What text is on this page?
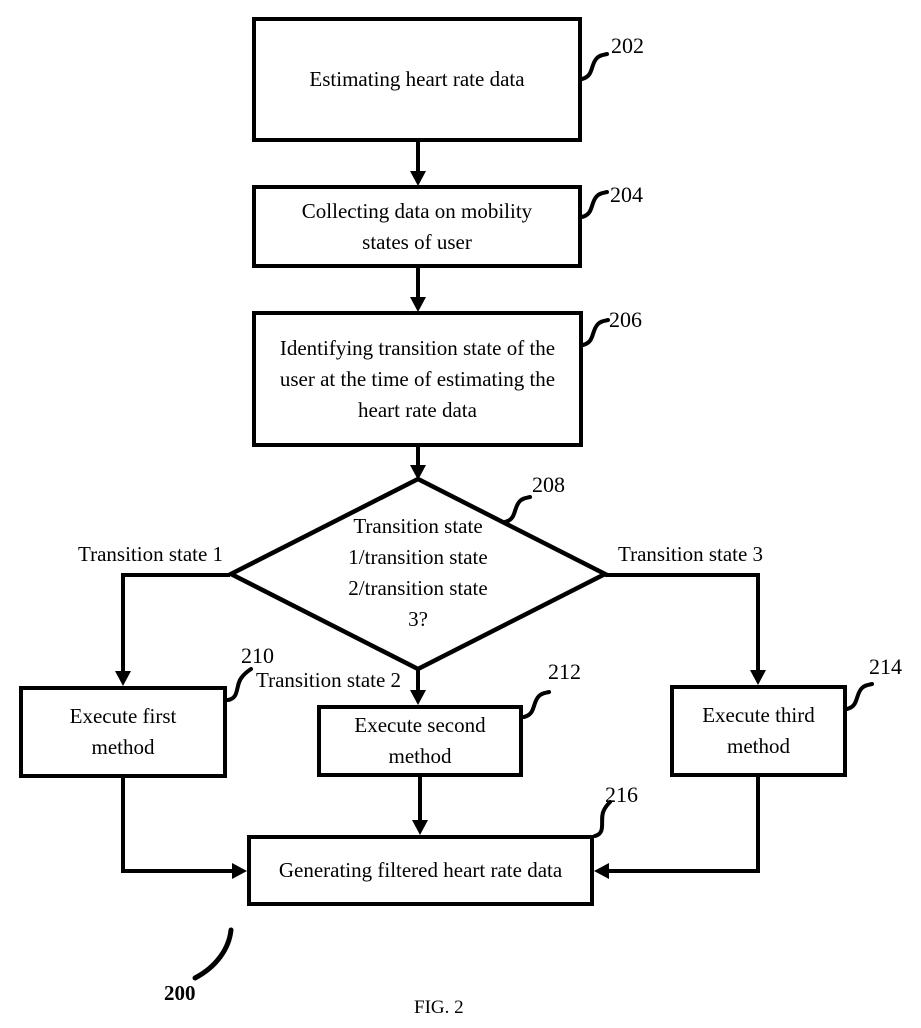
Estimating heart rate data
Collecting data on mobility
states of user
Identifying transition state of the
user at the time of estimating the
heart rate data
Execute first
method
Execute second
method
Execute third
method
Generating filtered heart rate data
Transition state
1/transition state
2/transition state
3?
202
204
206
208
210
212	214
216
Transition state 1
Transition state 2
Transition state 3
200
FIG. 2
